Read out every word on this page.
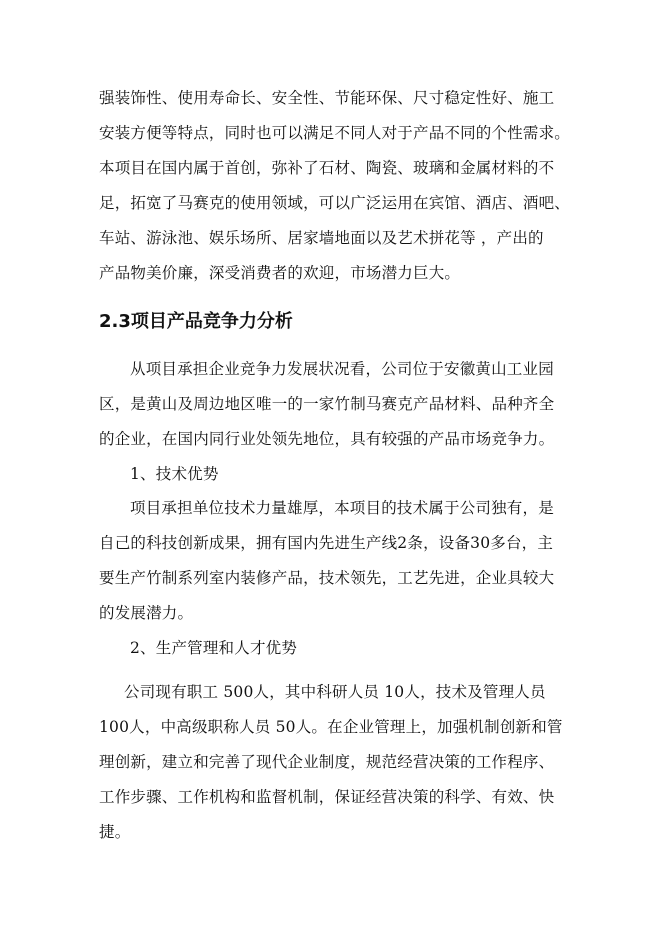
强装饰性、使用寿命长、安全性、节能环保、尺寸稳定性好、施工
安装方便等特点，同时也可以满足不同人对于产品不同的个性需求。
本项目在国内属于首创，弥补了石材、陶瓷、玻璃和金属材料的不
足，拓宽了马赛克的使用领域，可以广泛运用在宾馆、酒店、酒吧、
车站、游泳池、娱乐场所、居家墙地面以及艺术拼花等 ，产出的
产品物美价廉，深受消费者的欢迎，市场潜力巨大。
2.3项目产品竞争力分析
从项目承担企业竞争力发展状况看，公司位于安徽黄山工业园
区，是黄山及周边地区唯一的一家竹制马赛克产品材料、品种齐全
的企业，在国内同行业处领先地位，具有较强的产品市场竞争力。
1、技术优势
项目承担单位技术力量雄厚，本项目的技术属于公司独有，是
自己的科技创新成果，拥有国内先进生产线2条，设备30多台，主
要生产竹制系列室内装修产品，技术领先，工艺先进，企业具较大
的发展潜力。
2、生产管理和人才优势
公司现有职工 500人，其中科研人员 10人，技术及管理人员
100人，中高级职称人员 50人。在企业管理上，加强机制创新和管
理创新，建立和完善了现代企业制度，规范经营决策的工作程序、
工作步骤、工作机构和监督机制，保证经营决策的科学、有效、快
捷。
